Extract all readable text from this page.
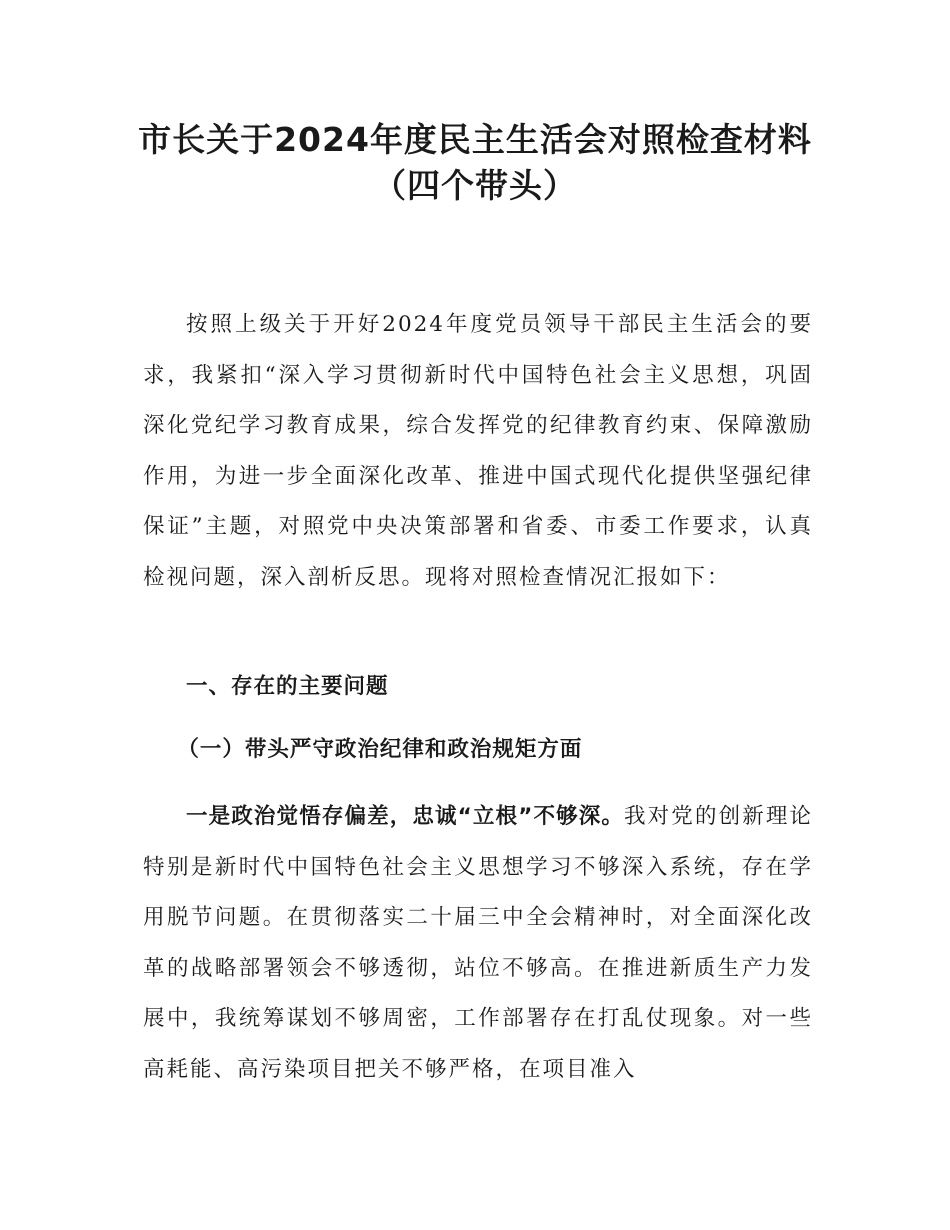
市长关于2024年度民主生活会对照检查材料
（四个带头）

按照上级关于开好2024年度党员领导干部民主生活会的要求，我紧扣“深入学习贯彻新时代中国特色社会主义思想，巩固深化党纪学习教育成果，综合发挥党的纪律教育约束、保障激励作用，为进一步全面深化改革、推进中国式现代化提供坚强纪律保证”主题，对照党中央决策部署和省委、市委工作要求，认真检视问题，深入剖析反思。现将对照检查情况汇报如下：

一、存在的主要问题
（一）带头严守政治纪律和政治规矩方面

一是政治觉悟存偏差，忠诚“立根”不够深。我对党的创新理论特别是新时代中国特色社会主义思想学习不够深入系统，存在学用脱节问题。在贯彻落实二十届三中全会精神时，对全面深化改革的战略部署领会不够透彻，站位不够高。在推进新质生产力发展中，我统筹谋划不够周密，工作部署存在打乱仗现象。对一些高耗能、高污染项目把关不够严格，在项目准入
